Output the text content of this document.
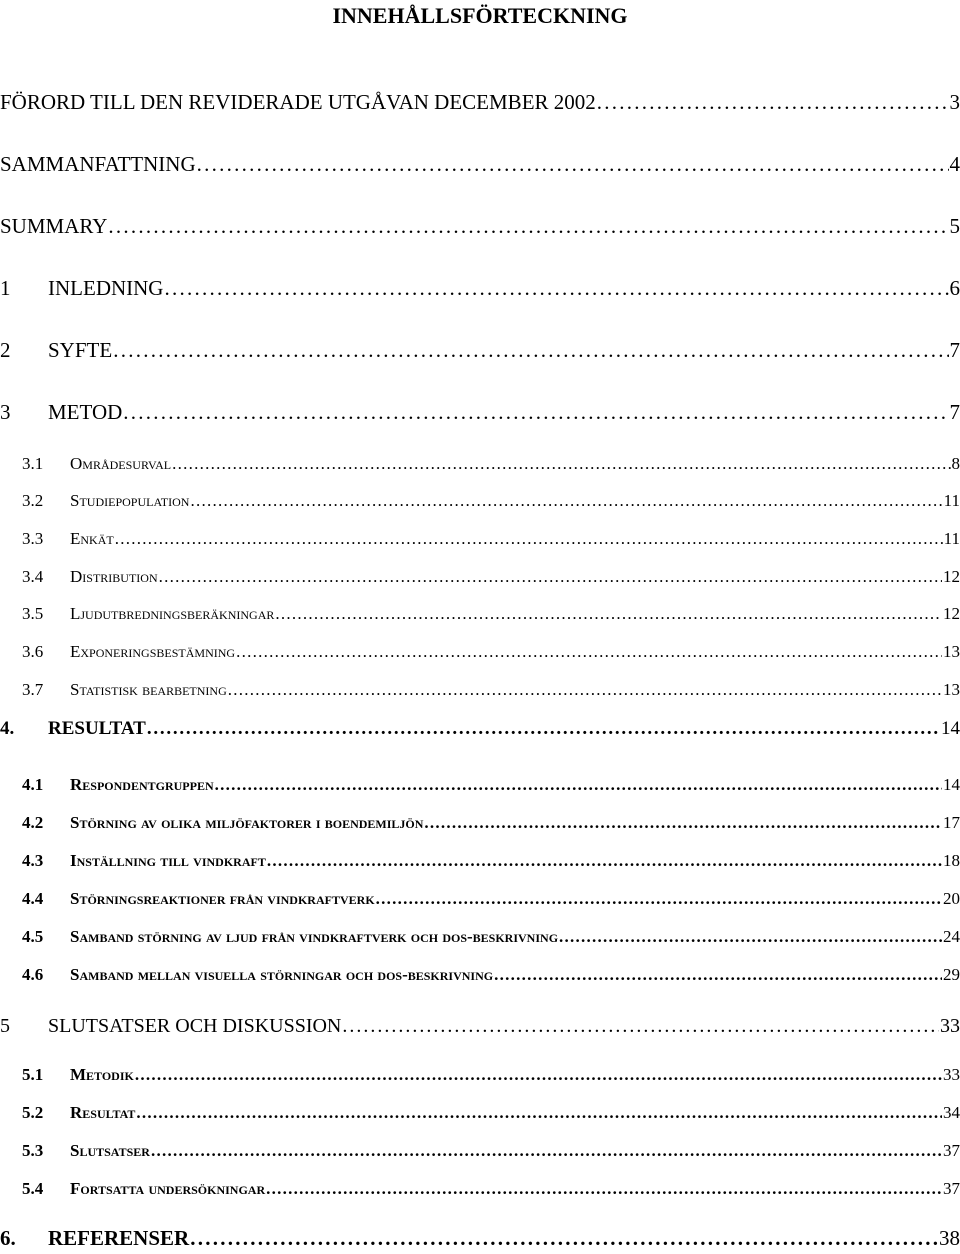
INNEHÅLLSFÖRTECKNING
FÖRORD TILL DEN REVIDERADE UTGÅVAN DECEMBER 2002 . . .	3
SAMMANFATTNING . . .	4
SUMMARY . . .	5
1	INLEDNING . . .	6
2	SYFTE . . .	7
3	METOD . . .	7
3.1	Områdesurval . . .	8
3.2	Studiepopulation . . .	11
3.3	Enkät . . .	11
3.4	Distribution . . .	12
3.5	Ljudutbredningsberäkningar . . .	12
3.6	Exponeringsbestämning . . .	13
3.7	Statistisk bearbetning . . .	13
4.	RESULTAT . . .	14
4.1	Respondentgruppen . . .	14
4.2	Störning av olika miljöfaktorer i boendemiljön . . .	17
4.3	Inställning till vindkraft . . .	18
4.4	Störningsreaktioner från vindkraftverk . . .	20
4.5	Samband störning av ljud från vindkraftverk och dos-beskrivning . . .	24
4.6	Samband mellan visuella störningar och dos-beskrivning . . .	29
5	SLUTSATSER OCH DISKUSSION . . .	33
5.1	Metodik . . .	33
5.2	Resultat . . .	34
5.3	Slutsatser . . .	37
5.4	Fortsatta undersökningar . . .	37
6.	REFERENSER . . .	38
